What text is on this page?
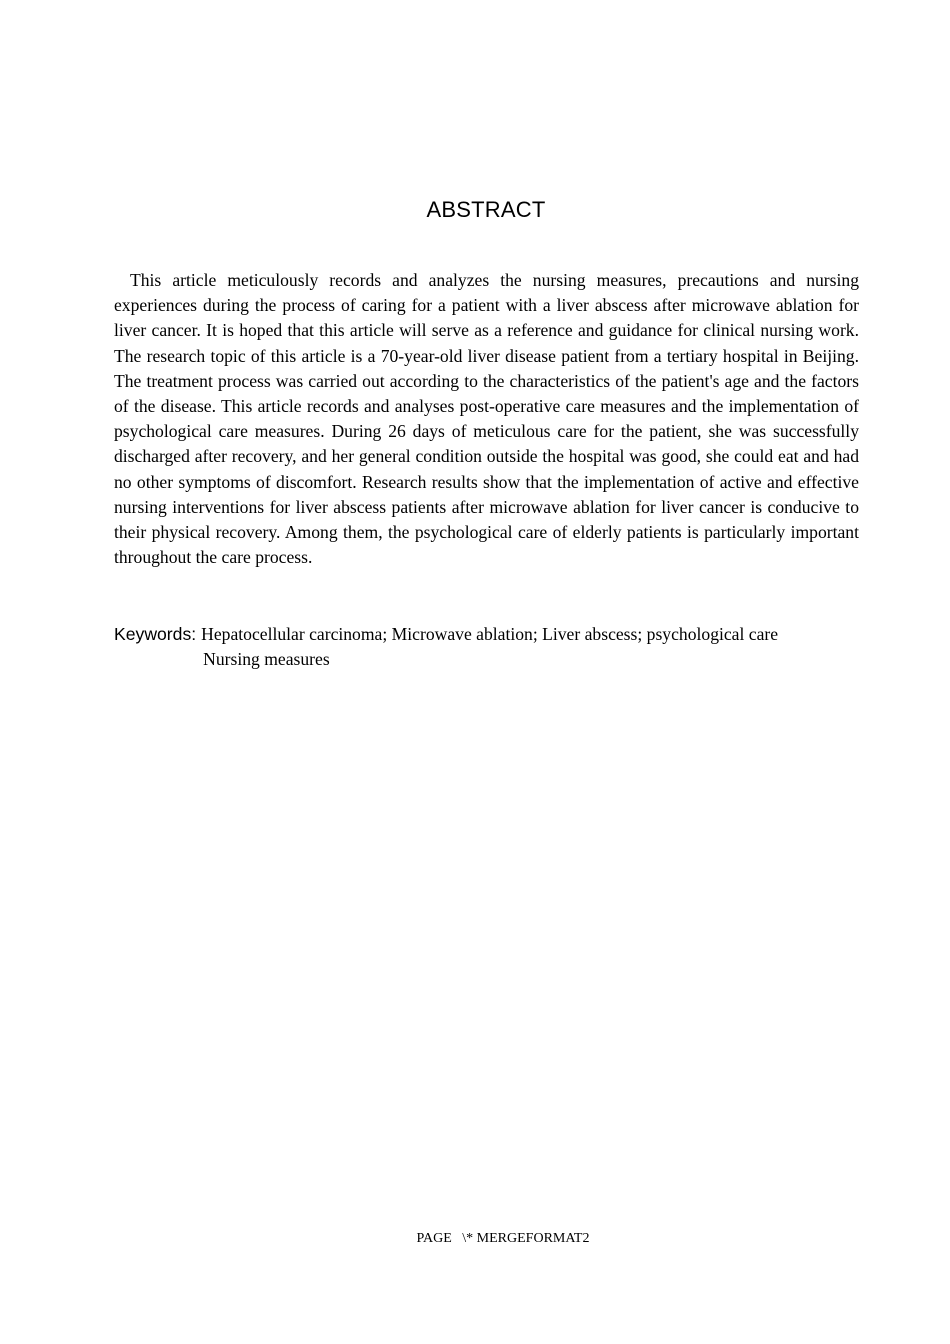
ABSTRACT

This article meticulously records and analyzes the nursing measures, precautions and nursing experiences during the process of caring for a patient with a liver abscess after microwave ablation for liver cancer. It is hoped that this article will serve as a reference and guidance for clinical nursing work. The research topic of this article is a 70-year-old liver disease patient from a tertiary hospital in Beijing. The treatment process was carried out according to the characteristics of the patient's age and the factors of the disease. This article records and analyses post-operative care measures and the implementation of psychological care measures. During 26 days of meticulous care for the patient, she was successfully discharged after recovery, and her general condition outside the hospital was good, she could eat and had no other symptoms of discomfort. Research results show that the implementation of active and effective nursing interventions for liver abscess patients after microwave ablation for liver cancer is conducive to their physical recovery. Among them, the psychological care of elderly patients is particularly important throughout the care process.

Keywords: Hepatocellular carcinoma; Microwave ablation; Liver abscess; psychological care
Nursing measures
PAGE   \* MERGEFORMAT2
